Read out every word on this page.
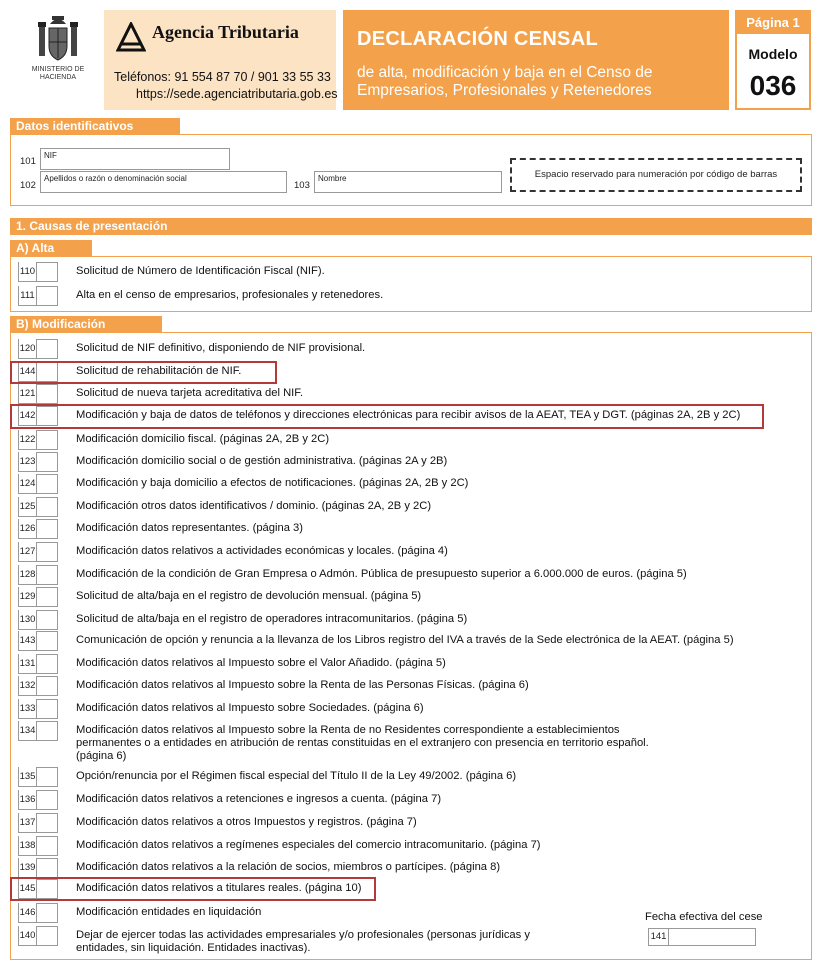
MINISTERIO DE HACIENDA
Agencia Tributaria
Teléfonos: 91 554 87 70 / 901 33 55 33
https://sede.agenciatributaria.gob.es
DECLARACIÓN CENSAL
de alta, modificación y baja en el Censo de Empresarios, Profesionales y Retenedores
Página 1
Modelo
036
Datos identificativos
101
NIF
102
Apellidos o razón o denominación social
103
Nombre	Espacio reservado para numeración por código de barras
1. Causas de presentación
A) Alta
110	Solicitud de Número de Identificación Fiscal (NIF).
111	Alta en el censo de empresarios, profesionales y retenedores.
B) Modificación
120	Solicitud de NIF definitivo, disponiendo de NIF provisional.
144	Solicitud de rehabilitación de NIF.
121	Solicitud de nueva tarjeta acreditativa del NIF.
142	Modificación y baja de datos de teléfonos y direcciones electrónicas para recibir avisos de la AEAT, TEA y DGT. (páginas 2A, 2B y 2C)
122	Modificación domicilio fiscal. (páginas 2A, 2B y 2C)
123	Modificación domicilio social o de gestión administrativa. (páginas 2A y 2B)
124	Modificación y baja domicilio a efectos de notificaciones. (páginas 2A, 2B y 2C)
125	Modificación otros datos identificativos / dominio. (páginas 2A, 2B y 2C)
126	Modificación datos representantes. (página 3)
127	Modificación datos relativos a actividades económicas y locales. (página 4)
128	Modificación de la condición de Gran Empresa o Admón. Pública de presupuesto superior a 6.000.000 de euros. (página 5)
129	Solicitud de alta/baja en el registro de devolución mensual. (página 5)
130	Solicitud de alta/baja en el registro de operadores intracomunitarios. (página 5)
143	Comunicación de opción y renuncia a la llevanza de los Libros registro del IVA a través de la Sede electrónica de la AEAT. (página 5)
131	Modificación datos relativos al Impuesto sobre el Valor Añadido. (página 5)
132	Modificación datos relativos al Impuesto sobre la Renta de las Personas Físicas. (página 6)
133	Modificación datos relativos al Impuesto sobre Sociedades. (página 6)
134	Modificación datos relativos al Impuesto sobre la Renta de no Residentes correspondiente a establecimientos permanentes o a entidades en atribución de rentas constituidas en el extranjero con presencia en territorio español. (página 6)
135	Opción/renuncia por el Régimen fiscal especial del Título II de la Ley 49/2002. (página 6)
136	Modificación datos relativos a retenciones e ingresos a cuenta. (página 7)
137	Modificación datos relativos a otros Impuestos y registros. (página 7)
138	Modificación datos relativos a regímenes especiales del comercio intracomunitario. (página 7)
139	Modificación datos relativos a la relación de socios, miembros o partícipes. (página 8)
145	Modificación datos relativos a titulares reales. (página 10)
146	Modificación entidades en liquidación
140	Dejar de ejercer todas las actividades empresariales y/o profesionales (personas jurídicas y entidades, sin liquidación. Entidades inactivas).
Fecha efectiva del cese
141
